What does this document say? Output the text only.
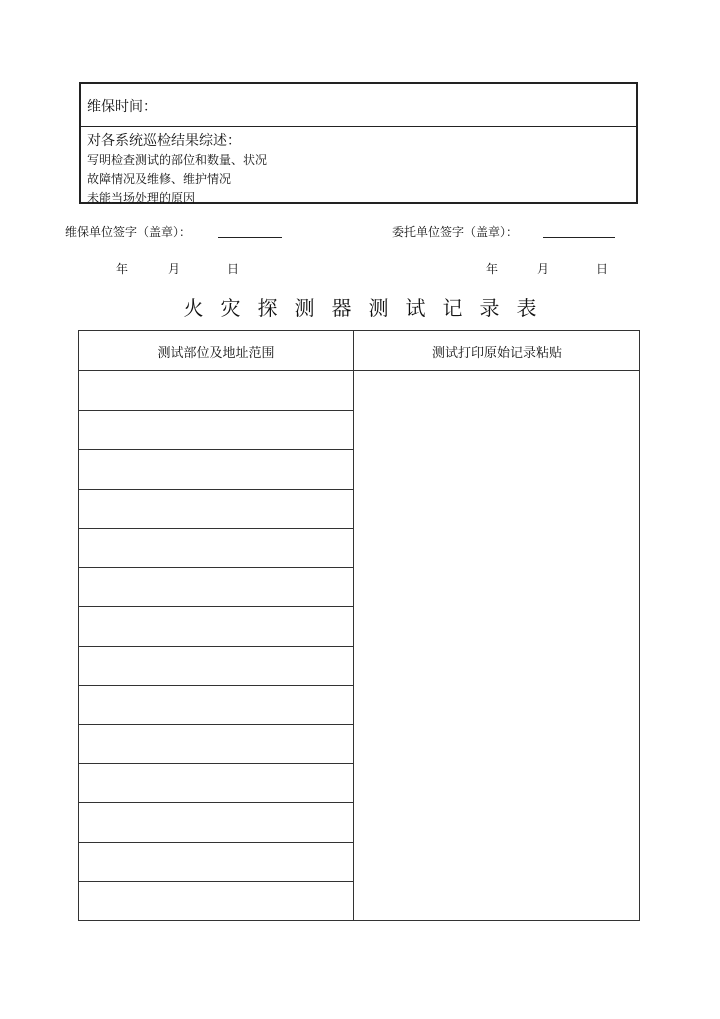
维保时间：
对各系统巡检结果综述：
写明检查测试的部位和数量、状况
故障情况及维修、维护情况
未能当场处理的原因
维保单位签字（盖章）：	委托单位签字（盖章）：
年	月	日	年	月	日
火灾探测器测试记录表
测试部位及地址范围	测试打印原始记录粘贴
